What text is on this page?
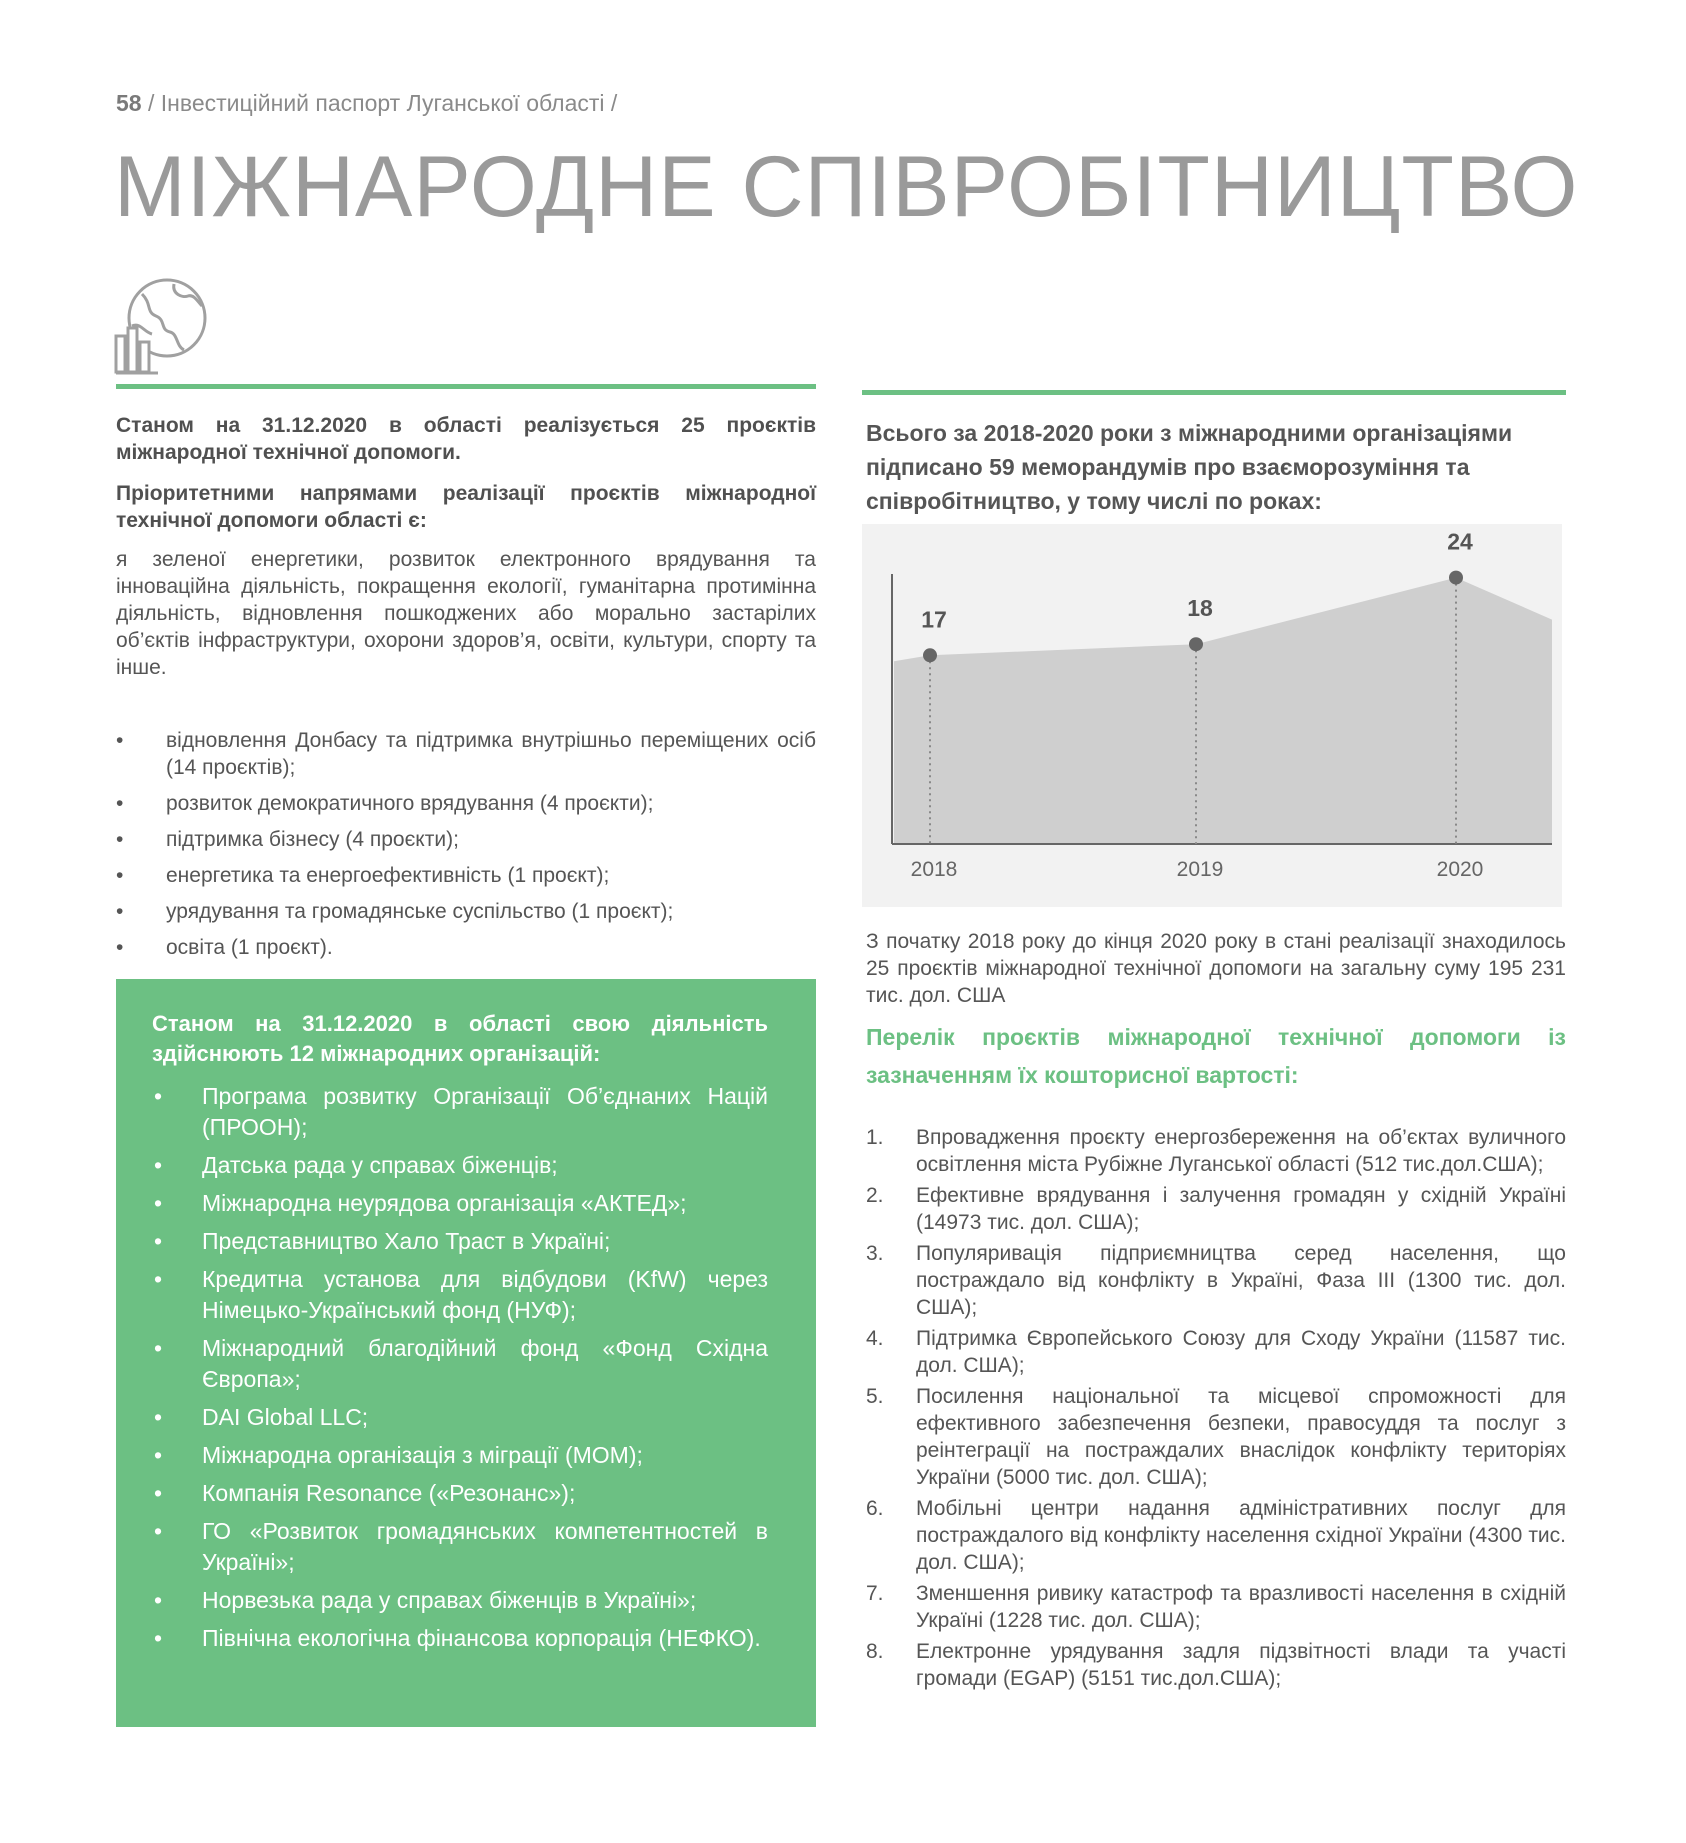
58 / Інвестиційний паспорт Луганської області /
МІЖНАРОДНЕ СПІВРОБІТНИЦТВО

Станом на 31.12.2020 в області реалізується 25 проєктів міжнародної технічної допомоги.

Пріоритетними напрямами реалізації проєктів міжнародної технічної допомоги області є:

я зеленої енергетики, розвиток електронного врядування та інноваційна діяльність, покращення екології, гуманітарна протимінна діяльність, відновлення пошкоджених або морально застарілих об’єктів інфраструктури, охорони здоров’я, освіти, культури, спорту та інше.

• відновлення Донбасу та підтримка внутрішньо переміщених осіб (14 проєктів);
• розвиток демократичного врядування (4 проєкти);
• підтримка бізнесу (4 проєкти);
• енергетика та енергоефективність (1 проєкт);
• урядування та громадянське суспільство (1 проєкт);
• освіта (1 проєкт).
Станом на 31.12.2020 в області свою діяльність здійснюють 12 міжнародних організацій:
• Програма розвитку Організації Об’єднаних Націй (ПРООН);
• Датська рада у справах біженців;
• Міжнародна неурядова організація «АКТЕД»;
• Представництво Хало Траст в Україні;
• Кредитна установа для відбудови (KfW) через Німецько-Український фонд (НУФ);
• Міжнародний благодійний фонд «Фонд Східна Європа»;
• DAI Global LLC;
• Міжнародна організація з міграції (МОМ);
• Компанія Resonance («Резонанс»);
• ГО «Розвиток громадянських компетентностей в Україні»;
• Норвезька рада у справах біженців в Україні»;
• Північна екологічна фінансова корпорація (НЕФКО).
Всього за 2018-2020 роки з міжнародними організаціями підписано 59 меморандумів про взаєморозуміння та співробітництво, у тому числі по роках:
17
2018
18
2019
24
2020
З початку 2018 року до кінця 2020 року в стані реалізації знаходилось 25 проєктів міжнародної технічної допомоги на загальну суму 195 231 тис. дол. США
Перелік проєктів міжнародної технічної допомоги із зазначенням їх кошторисної вартості:
1. Впровадження проєкту енергозбереження на об’єктах вуличного освітлення міста Рубіжне Луганської області (512 тис.дол.США);
2. Ефективне врядування і залучення громадян у східній Україні (14973 тис. дол. США);
3. Популяривація підприємництва серед населення, що постраждало від конфлікту в Україні, Фаза III (1300 тис. дол. США);
4. Підтримка Європейського Союзу для Сходу України (11587 тис. дол. США);
5. Посилення національної та місцевої спроможності для ефективного забезпечення безпеки, правосуддя та послуг з реінтеграції на постраждалих внаслідок конфлікту територіях України (5000 тис. дол. США);
6. Мобільні центри надання адміністративних послуг для постраждалого від конфлікту населення східної України (4300 тис. дол. США);
7. Зменшення ривику катастроф та вразливості населення в східній Україні (1228 тис. дол. США);
8. Електронне урядування задля підзвітності влади та участі громади (EGAP) (5151 тис.дол.США);
